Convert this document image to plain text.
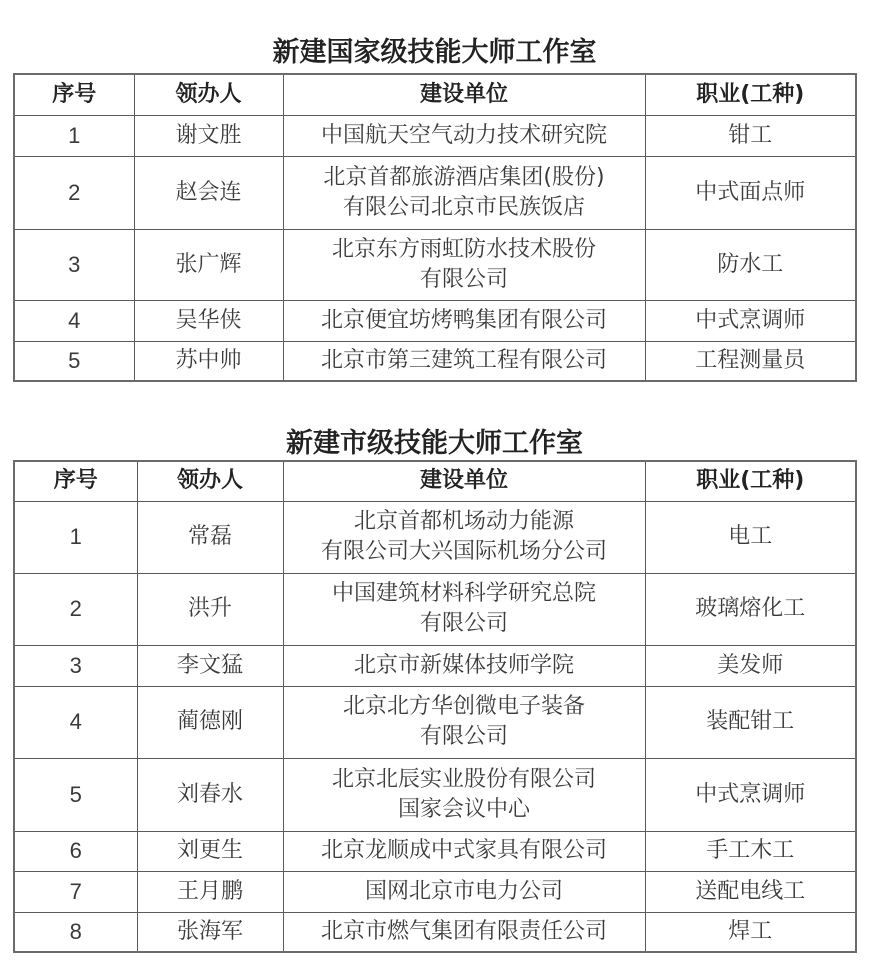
新建国家级技能大师工作室
序号	领办人	建设单位	职业(工种)
1	谢文胜	中国航天空气动力技术研究院	钳工
2	赵会连	北京首都旅游酒店集团(股份)
有限公司北京市民族饭店	中式面点师
3	张广辉	北京东方雨虹防水技术股份
有限公司	防水工
4	吴华侠	北京便宜坊烤鸭集团有限公司	中式烹调师
5	苏中帅	北京市第三建筑工程有限公司	工程测量员
新建市级技能大师工作室
序号	领办人	建设单位	职业(工种)
1	常磊	北京首都机场动力能源
有限公司大兴国际机场分公司	电工
2	洪升	中国建筑材料科学研究总院
有限公司	玻璃熔化工
3	李文猛	北京市新媒体技师学院	美发师
4	蔺德刚	北京北方华创微电子装备
有限公司	装配钳工
5	刘春水	北京北辰实业股份有限公司
国家会议中心	中式烹调师
6	刘更生	北京龙顺成中式家具有限公司	手工木工
7	王月鹏	国网北京市电力公司	送配电线工
8	张海军	北京市燃气集团有限责任公司	焊工
